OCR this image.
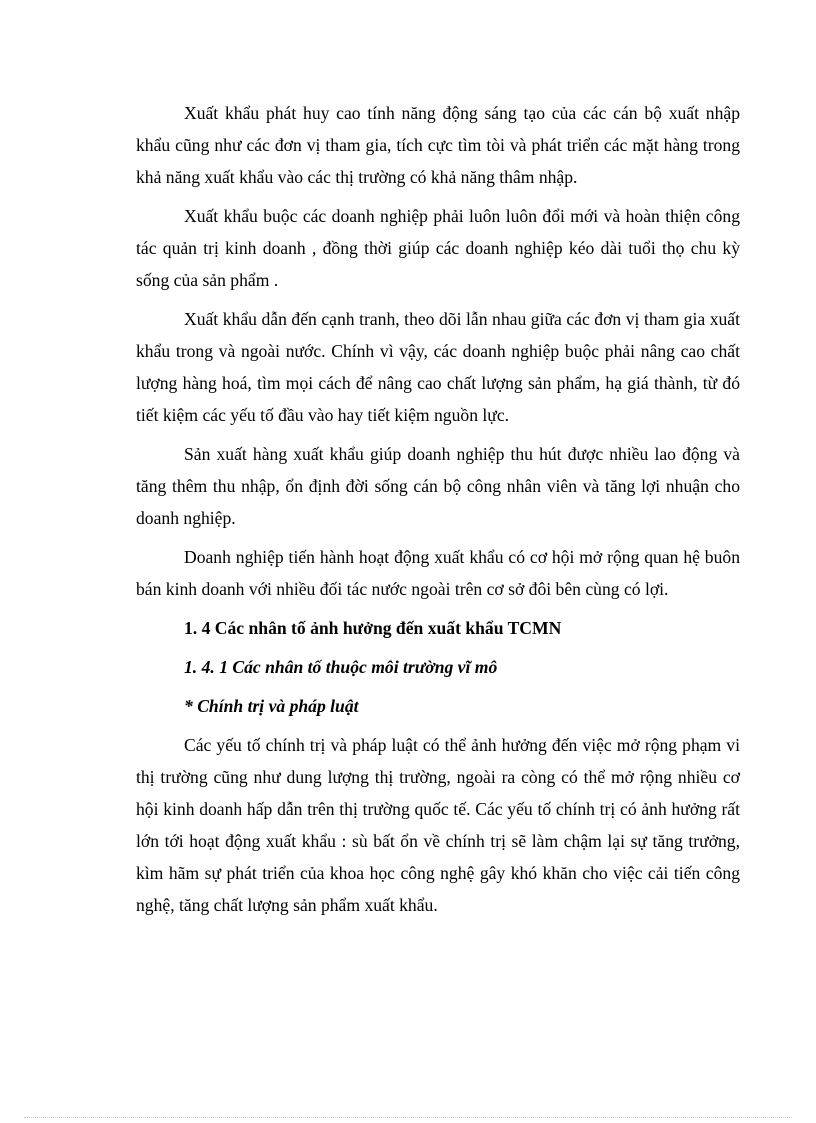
Xuất khẩu phát huy cao tính năng động sáng tạo của các cán bộ xuất nhập khẩu cũng như các đơn vị tham gia, tích cực tìm tòi và phát triển các mặt hàng trong khả năng xuất khẩu vào các thị trường có khả năng thâm nhập.

Xuất khẩu buộc các doanh nghiệp phải luôn luôn đổi mới và hoàn thiện công tác quản trị kinh doanh , đồng thời giúp các doanh nghiệp kéo dài tuổi thọ chu kỳ sống của sản phẩm .

Xuất khẩu dẫn đến cạnh tranh, theo dõi lẫn nhau giữa các đơn vị tham gia xuất khẩu trong và ngoài nước. Chính vì vậy, các doanh nghiệp buộc phải nâng cao chất lượng hàng hoá, tìm mọi cách để nâng cao chất lượng sản phẩm, hạ giá thành, từ đó tiết kiệm các yếu tố đầu vào hay tiết kiệm nguồn lực.

Sản xuất hàng xuất khẩu giúp doanh nghiệp thu hút được nhiều lao động và tăng thêm thu nhập, ổn định đời sống cán bộ công nhân viên và tăng lợi nhuận cho doanh nghiệp.

Doanh nghiệp tiến hành hoạt động xuất khẩu có cơ hội mở rộng quan hệ buôn bán kinh doanh với nhiều đối tác nước ngoài trên cơ sở đôi bên cùng có lợi.

1. 4 Các nhân tố ảnh hưởng đến xuất khẩu TCMN
1. 4. 1 Các nhân tố thuộc môi trường vĩ mô
* Chính trị và pháp luật

Các yếu tố chính trị và pháp luật có thể ảnh hưởng đến việc mở rộng phạm vi thị trường cũng như dung lượng thị trường, ngoài ra còng có thể mở rộng nhiều cơ hội kinh doanh hấp dẫn trên thị trường quốc tế. Các yếu tố chính trị có ảnh hưởng rất lớn tới hoạt động xuất khẩu : sù bất ổn về chính trị sẽ làm chậm lại sự tăng trưởng, kìm hãm sự phát triển của khoa học công nghệ gây khó khăn cho việc cải tiến công nghệ, tăng chất lượng sản phẩm xuất khẩu.
